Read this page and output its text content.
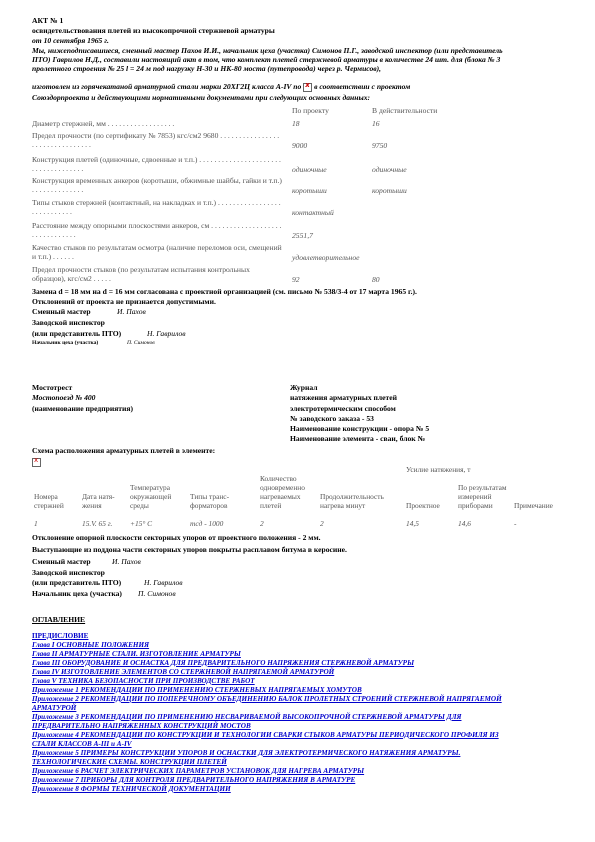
АКТ № 1
освидетельствования плетей из высокопрочной стержневой арматуры
от 10 сентября 1965 г.
Мы, нижеподписавшиеся, сменный мастер Пахов И.И., начальник цеха (участка) Симонов П.Г., заводской инспектор (или представитель ПТО) Гаврилов Н.Д., составили настоящий акт в том, что комплект плетей стержневой арматуры в количестве 24 шт. для (блока № 3 пролетного строения № 25 l = 24 м под нагрузку Н-30 и НК-80 моста (путепровода) через р. Чермисов),
изготовлен из горячекатаной арматурной стали марки 20ХГ2Ц класса А-IV по x в соответствии с проектом
Союздорпроекта и действующими нормативными документами при следующих основных данных:
По проекту	В действительности
Диаметр стержней, мм . . . . . . . . . . . . . . . . . .	18	16
Предел прочности (по сертификату № 7853) кгс/см2 9680 . . . . . . . . . . . . . . . . . . . . . . . . . . . . . . . .	9000	9750
Конструкция плетей (одиночные, сдвоенные и т.п.) . . . . . . . . . . . . . . . . . . . . . . . . . . . . . . . . . . . .	одиночные	одиночные
Конструкция временных анкеров (коротыши, обжимные шайбы, гайки и т.п.) . . . . . . . . . . . . . .	коротыши	коротыши
Типы стыков стержней (контактный, на накладках и т.п.) . . . . . . . . . . . . . . . . . . . . . . . . . . . .	контактный
Расстояние между опорными плоскостями анкеров, см . . . . . . . . . . . . . . . . . . . . . . . . . . . . . . .	2551,7
Качество стыков по результатам осмотра (наличие переломов оси, смещений и т.п.) . . . . . .	удовлетворительное
Предел прочности стыков (по результатам испытания контрольных образцов), кгс/см2 . . . . .	92	80
Замена d = 18 мм на d = 16 мм согласована с проектной организацией (см. письмо № 538/3-4 от 17 марта 1965 г.).
Отклонений от проекта не признается допустимыми.
Сменный мастер	И. Пахов
Заводской инспектор
(или представитель ПТО)	Н. Гаврилов
Начальник цеха (участка)	П. Симонов
Мостотрест
Мостопоезд № 400
(наименование предприятия)
Журнал
натяжения арматурных плетей
электротермическим способом
№ заводского заказа - 53
Наименование конструкции - опора № 5
Наименование элемента - сваи, блок №
Схема расположения арматурных плетей в элементе:
x
						Усилие натяжения, т		
Номера стержней	Дата натя-жения	Температура окружающей среды	Типы транс-форматоров	Количество одновременно нагреваемых плетей	Продолжительность нагрева минут	Проектное	По результатам измерений приборами	Примечание
1	15.V. 65 г.	+15° С	тсд - 1000	2	2	14,5	14,6	-
Отклонение опорной плоскости секторных упоров от проектного положения - 2 мм.
Выступающие из поддона части секторных упоров покрыты расплавом битума в керосине.
Сменный мастер	И. Пахов
Заводской инспектор
(или представитель ПТО)	Н. Гаврилов
Начальник цеха (участка) П. Симонов
ОГЛАВЛЕНИЕ
ПРЕДИСЛОВИЕ
Глава I ОСНОВНЫЕ ПОЛОЖЕНИЯ
Глава II АРМАТУРНЫЕ СТАЛИ. ИЗГОТОВЛЕНИЕ АРМАТУРЫ
Глава III ОБОРУДОВАНИЕ И ОСНАСТКА ДЛЯ ПРЕДВАРИТЕЛЬНОГО НАПРЯЖЕНИЯ СТЕРЖНЕВОЙ АРМАТУРЫ
Глава IV ИЗГОТОВЛЕНИЕ ЭЛЕМЕНТОВ СО СТЕРЖНЕВОЙ НАПРЯГАЕМОЙ АРМАТУРОЙ
Глава V ТЕХНИКА БЕЗОПАСНОСТИ ПРИ ПРОИЗВОДСТВЕ РАБОТ
Приложение 1 РЕКОМЕНДАЦИИ ПО ПРИМЕНЕНИЮ СТЕРЖНЕВЫХ НАПРЯГАЕМЫХ ХОМУТОВ
Приложение 2 РЕКОМЕНДАЦИИ ПО ПОПЕРЕЧНОМУ ОБЪЕДИНЕНИЮ БАЛОК ПРОЛЕТНЫХ СТРОЕНИЙ СТЕРЖНЕВОЙ НАПРЯГАЕМОЙ АРМАТУРОЙ
Приложение 3 РЕКОМЕНДАЦИИ ПО ПРИМЕНЕНИЮ НЕСВАРИВАЕМОЙ ВЫСОКОПРОЧНОЙ СТЕРЖНЕВОЙ АРМАТУРЫ ДЛЯ ПРЕДВАРИТЕЛЬНО НАПРЯЖЕННЫХ КОНСТРУКЦИЙ МОСТОВ
Приложение 4 РЕКОМЕНДАЦИИ ПО КОНСТРУКЦИИ И ТЕХНОЛОГИИ СВАРКИ СТЫКОВ АРМАТУРЫ ПЕРИОДИЧЕСКОГО ПРОФИЛЯ ИЗ СТАЛИ КЛАССОВ A-III и A-IV
Приложение 5 ПРИМЕРЫ КОНСТРУКЦИИ УПОРОВ И ОСНАСТКИ ДЛЯ ЭЛЕКТРОТЕРМИЧЕСКОГО НАТЯЖЕНИЯ АРМАТУРЫ. ТЕХНОЛОГИЧЕСКИЕ СХЕМЫ. КОНСТРУКЦИИ ПЛЕТЕЙ
Приложение 6 РАСЧЕТ ЭЛЕКТРИЧЕСКИХ ПАРАМЕТРОВ УСТАНОВОК ДЛЯ НАГРЕВА АРМАТУРЫ
Приложение 7 ПРИБОРЫ ДЛЯ КОНТРОЛЯ ПРЕДВАРИТЕЛЬНОГО НАПРЯЖЕНИЯ В АРМАТУРЕ
Приложение 8 ФОРМЫ ТЕХНИЧЕСКОЙ ДОКУМЕНТАЦИИ
